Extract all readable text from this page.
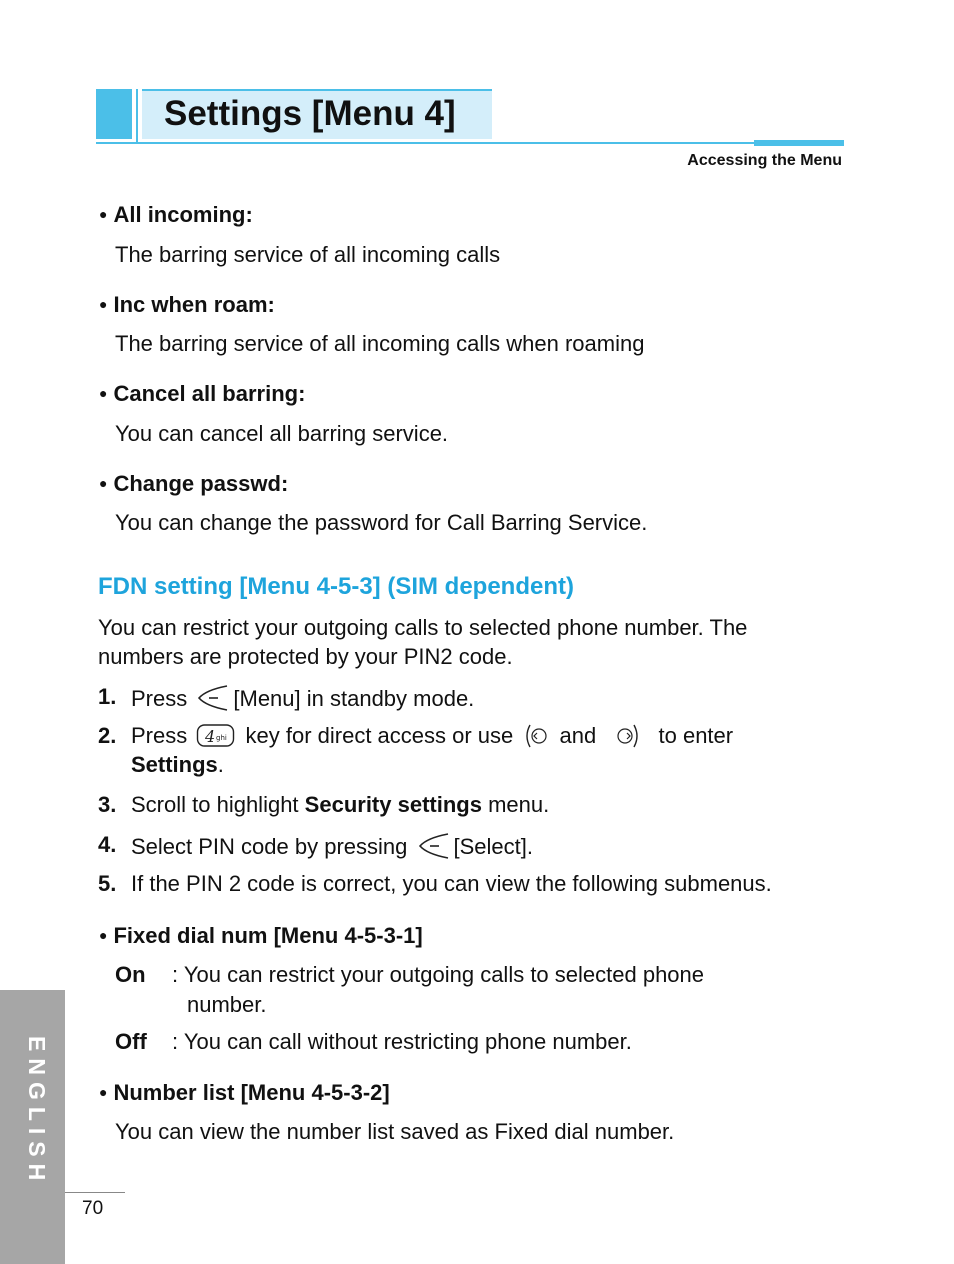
Settings [Menu 4]
Accessing the Menu
● All incoming:
The barring service of all incoming calls
● Inc when roam:
The barring service of all incoming calls when roaming
● Cancel all barring:
You can cancel all barring service.
● Change passwd:
You can change the password for Call Barring Service.
FDN setting [Menu 4-5-3] (SIM dependent)
You can restrict your outgoing calls to selected phone number. The
numbers are protected by your PIN2 code.
1. Press [Menu] in standby mode.
2. Press 4 ghi key for direct access or use and	to enter
Settings.
3. Scroll to highlight Security settings menu.
4. Select PIN code by pressing [Select].
5. If the PIN 2 code is correct, you can view the following submenus.
● Fixed dial num [Menu 4-5-3-1]
On : You can restrict your outgoing calls to selected phone
number.
Off : You can call without restricting phone number.
● Number list [Menu 4-5-3-2]
You can view the number list saved as Fixed dial number.
ENGLISH
70
